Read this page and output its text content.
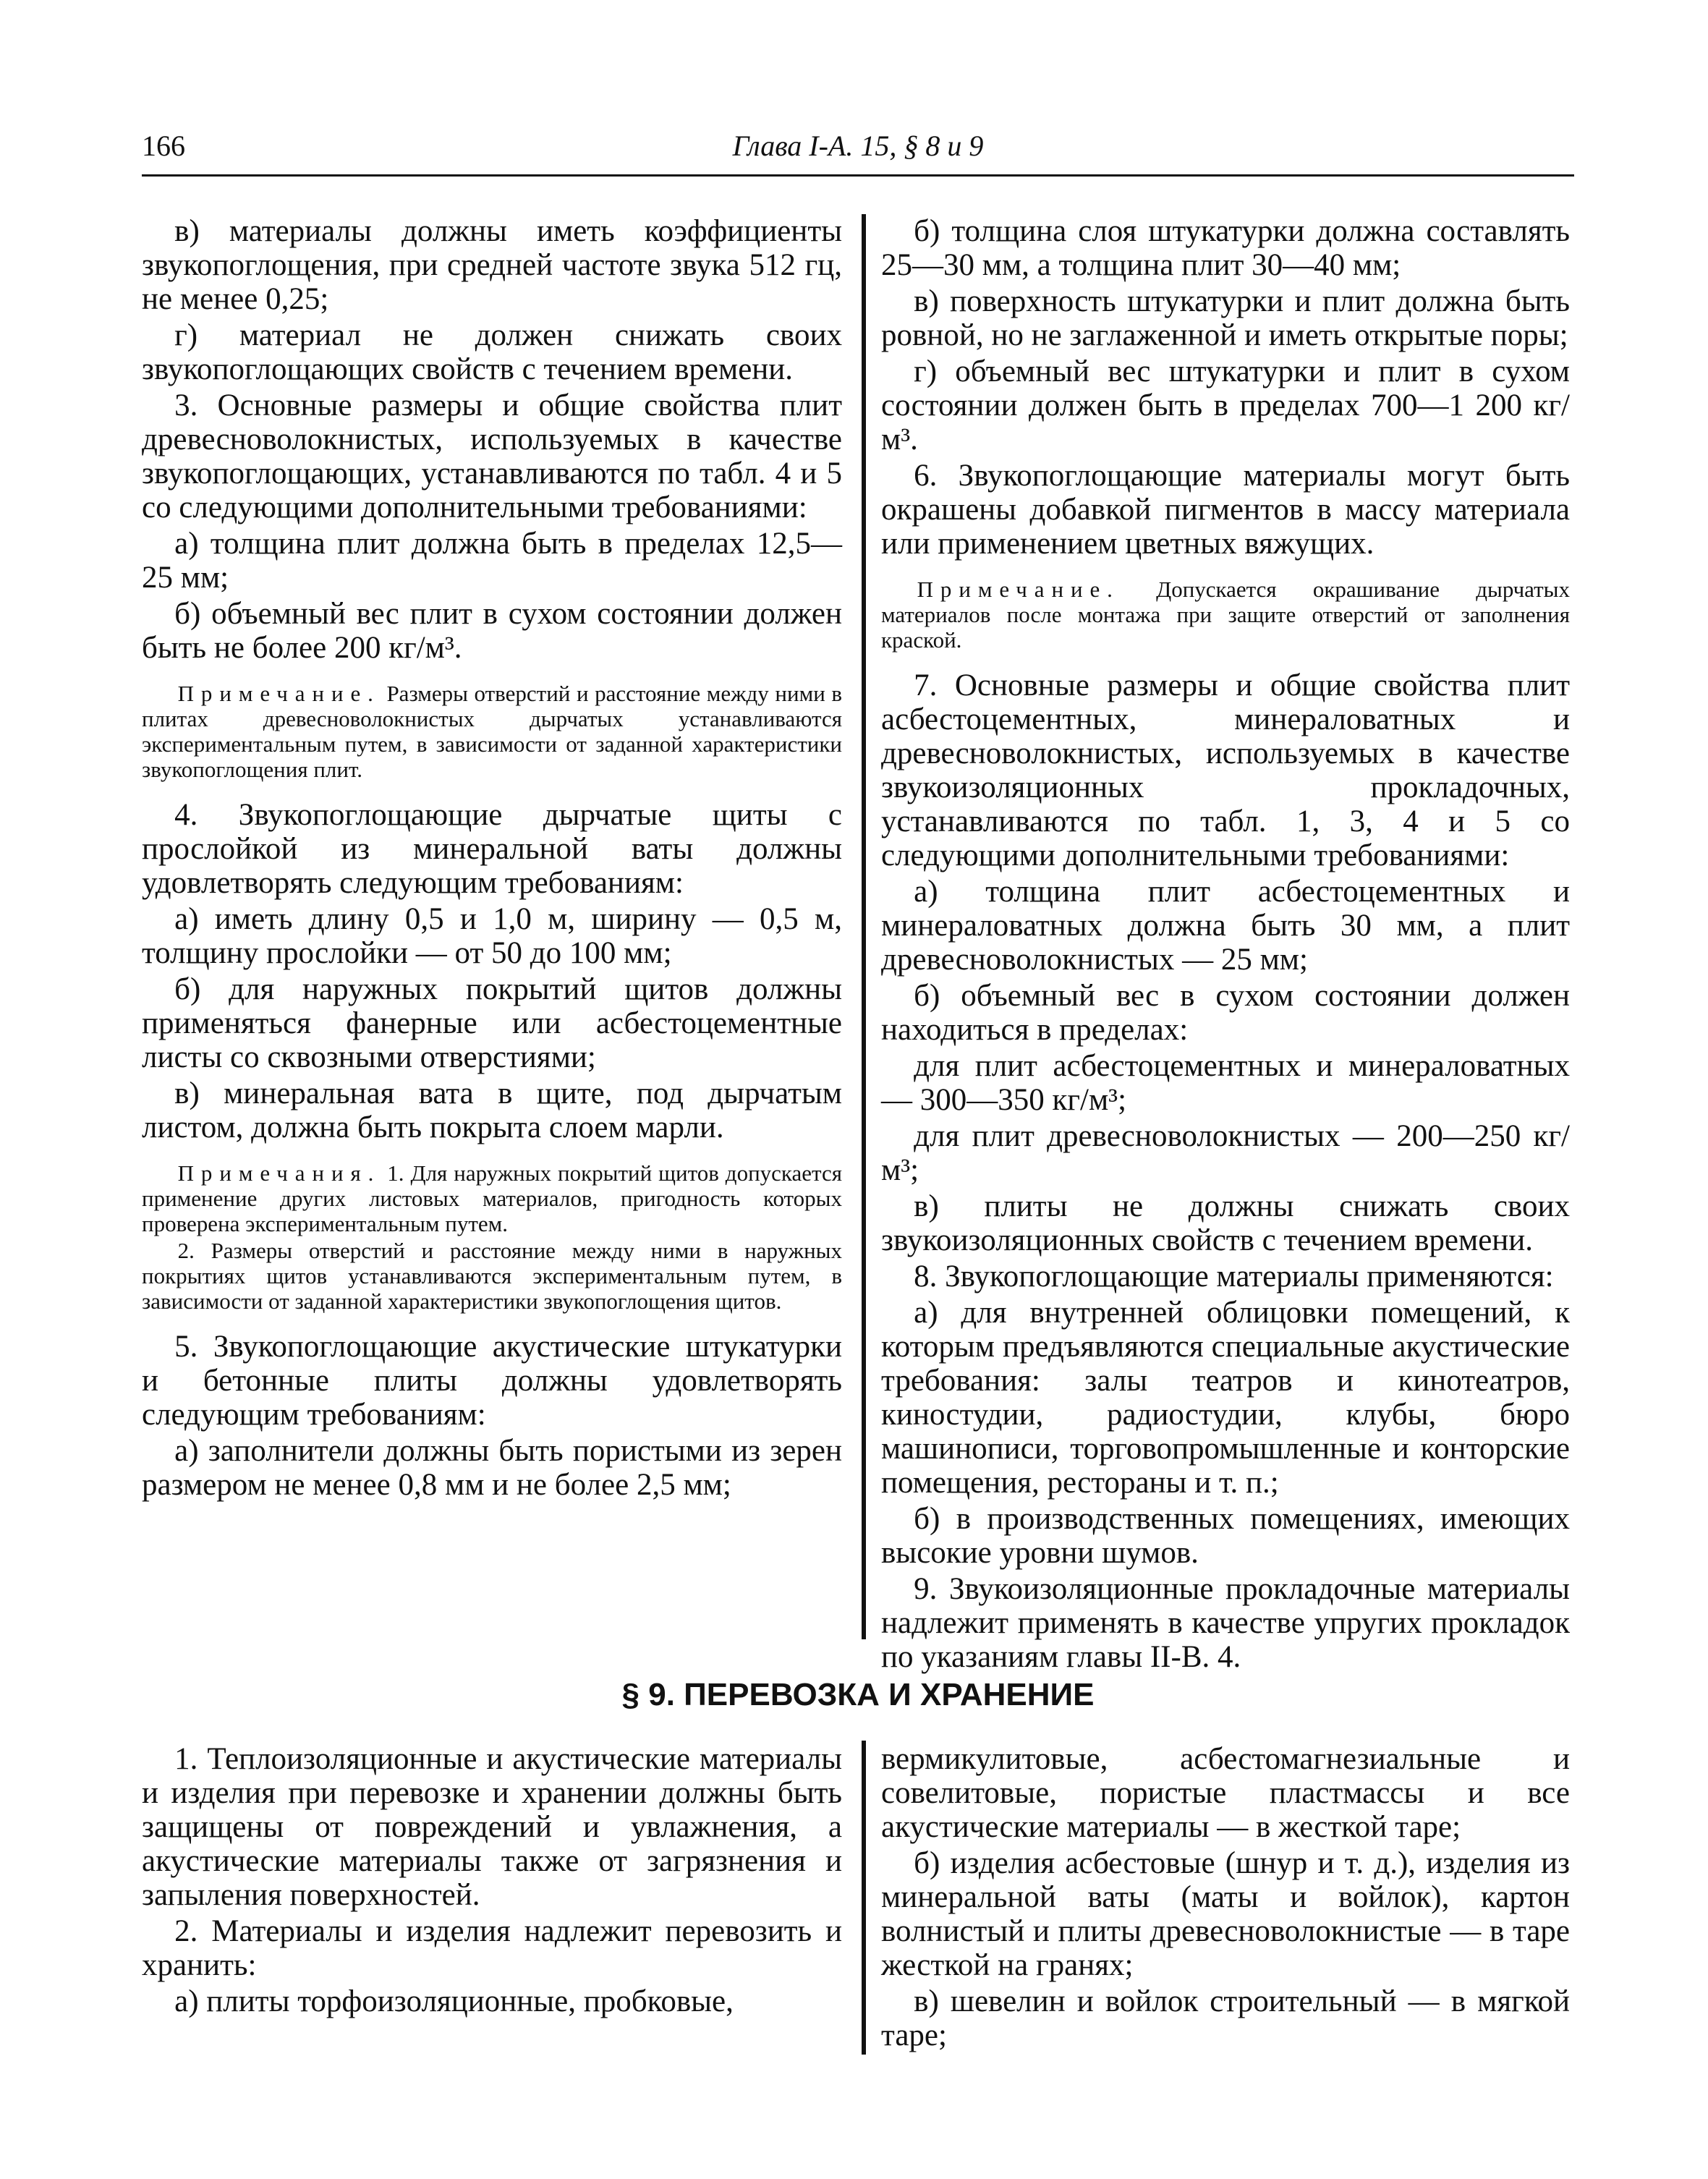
166	Глава I-A. 15, § 8 и 9

в) материалы должны иметь коэффициенты звукопоглощения, при средней частоте звука 512 гц, не менее 0,25;

г) материал не должен снижать своих звукопоглощающих свойств с течением времени.

3. Основные размеры и общие свойства плит древесноволокнистых, используемых в качестве звукопоглощающих, устанавливаются по табл. 4 и 5 со следующими дополнительными требованиями:

а) толщина плит должна быть в пределах 12,5—25 мм;

б) объемный вес плит в сухом состоянии должен быть не более 200 кг/м³.

Примечание. Размеры отверстий и расстояние между ними в плитах древесноволокнистых дырчатых устанавливаются экспериментальным путем, в зависимости от заданной характеристики звукопоглощения плит.

4. Звукопоглощающие дырчатые щиты с прослойкой из минеральной ваты должны удовлетворять следующим требованиям:

а) иметь длину 0,5 и 1,0 м, ширину — 0,5 м, толщину прослойки — от 50 до 100 мм;

б) для наружных покрытий щитов должны применяться фанерные или асбестоцементные листы со сквозными отверстиями;

в) минеральная вата в щите, под дырчатым листом, должна быть покрыта слоем марли.

Примечания. 1. Для наружных покрытий щитов допускается применение других листовых материалов, пригодность которых проверена экспериментальным путем.

2. Размеры отверстий и расстояние между ними в наружных покрытиях щитов устанавливаются экспериментальным путем, в зависимости от заданной характеристики звукопоглощения щитов.

5. Звукопоглощающие акустические штукатурки и бетонные плиты должны удовлетворять следующим требованиям:

а) заполнители должны быть пористыми из зерен размером не менее 0,8 мм и не более 2,5 мм;

б) толщина слоя штукатурки должна составлять 25—30 мм, а толщина плит 30—40 мм;

в) поверхность штукатурки и плит должна быть ровной, но не заглаженной и иметь открытые поры;

г) объемный вес штукатурки и плит в сухом состоянии должен быть в пределах 700—1 200 кг/м³.

6. Звукопоглощающие материалы могут быть окрашены добавкой пигментов в массу материала или применением цветных вяжущих.

Примечание. Допускается окрашивание дырчатых материалов после монтажа при защите отверстий от заполнения краской.

7. Основные размеры и общие свойства плит асбестоцементных, минераловатных и древесноволокнистых, используемых в качестве звукоизоляционных прокладочных, устанавливаются по табл. 1, 3, 4 и 5 со следующими дополнительными требованиями:

а) толщина плит асбестоцементных и минераловатных должна быть 30 мм, а плит древесноволокнистых — 25 мм;

б) объемный вес в сухом состоянии должен находиться в пределах:

для плит асбестоцементных и минераловатных — 300—350 кг/м³;

для плит древесноволокнистых — 200—250 кг/м³;

в) плиты не должны снижать своих звукоизоляционных свойств с течением времени.

8. Звукопоглощающие материалы применяются:

а) для внутренней облицовки помещений, к которым предъявляются специальные акустические требования: залы театров и кинотеатров, киностудии, радиостудии, клубы, бюро машинописи, торговопромышленные и конторские помещения, рестораны и т. п.;

б) в производственных помещениях, имеющих высокие уровни шумов.

9. Звукоизоляционные прокладочные материалы надлежит применять в качестве упругих прокладок по указаниям главы II-B. 4.

§ 9. ПЕРЕВОЗКА И ХРАНЕНИЕ

1. Теплоизоляционные и акустические материалы и изделия при перевозке и хранении должны быть защищены от повреждений и увлажнения, а акустические материалы также от загрязнения и запыления поверхностей.

2. Материалы и изделия надлежит перевозить и хранить:

а) плиты торфоизоляционные, пробковые,

вермикулитовые, асбестомагнезиальные и совелитовые, пористые пластмассы и все акустические материалы — в жесткой таре;

б) изделия асбестовые (шнур и т. д.), изделия из минеральной ваты (маты и войлок), картон волнистый и плиты древесноволокнистые — в таре жесткой на гранях;

в) шевелин и войлок строительный — в мягкой таре;
